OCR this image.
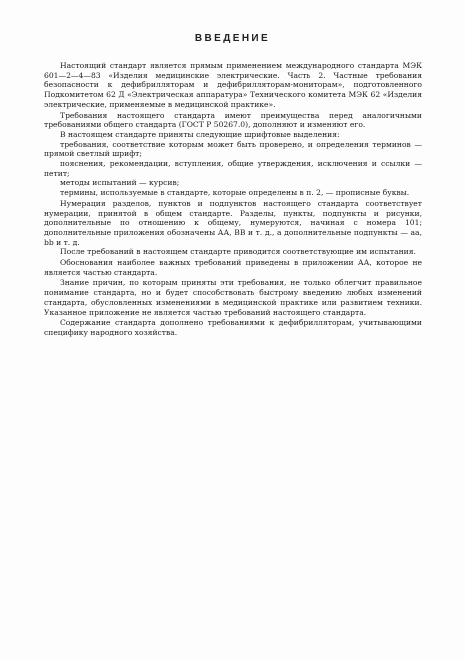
ВВЕДЕНИЕ

Настоящий стандарт является прямым применением международного стандарта МЭК 601—2—4—83 «Изделия медицинские электрические. Часть 2. Частные требования безопасности к дефибрилляторам и дефибрилляторам-мониторам», подготовленного Подкомитетом 62 Д «Электрическая аппаратура» Технического комитета МЭК 62 «Изделия электрические, применяемые в медицинской практике».

Требования настоящего стандарта имеют преимущества перед аналогичными требованиями общего стандарта (ГОСТ Р 50267.0), дополняют и изменяют его.

В настоящем стандарте приняты следующие шрифтовые выделения:

требования, соответствие которым может быть проверено, и определения терминов — прямой светлый шрифт;

пояснения, рекомендации, вступления, общие утверждения, исключения и ссылки — петит;

методы испытаний — курсив;

термины, используемые в стандарте, которые определены в п. 2, — прописные буквы.

Нумерация разделов, пунктов и подпунктов настоящего стандарта соответствует нумерации, принятой в общем стандарте. Разделы, пункты, подпункты и рисунки, дополнительные по отношению к общему, нумеруются, начиная с номера 101; дополнительные приложения обозначены АА, ВВ и т. д., а дополнительные подпункты — аа, bb и т. д.

После требований в настоящем стандарте приводится соответствующие им испытания.

Обоснования наиболее важных требований приведены в приложении АА, которое не является частью стандарта.

Знание причин, по которым приняты эти требования, не только облегчит правильное понимание стандарта, но и будет способствовать быстрому введению любых изменений стандарта, обусловленных изменениями в медицинской практике или развитием техники. Указанное приложение не является частью требований настоящего стандарта.

Содержание стандарта дополнено требованиями к дефибрилляторам, учитывающими специфику народного хозяйства.
